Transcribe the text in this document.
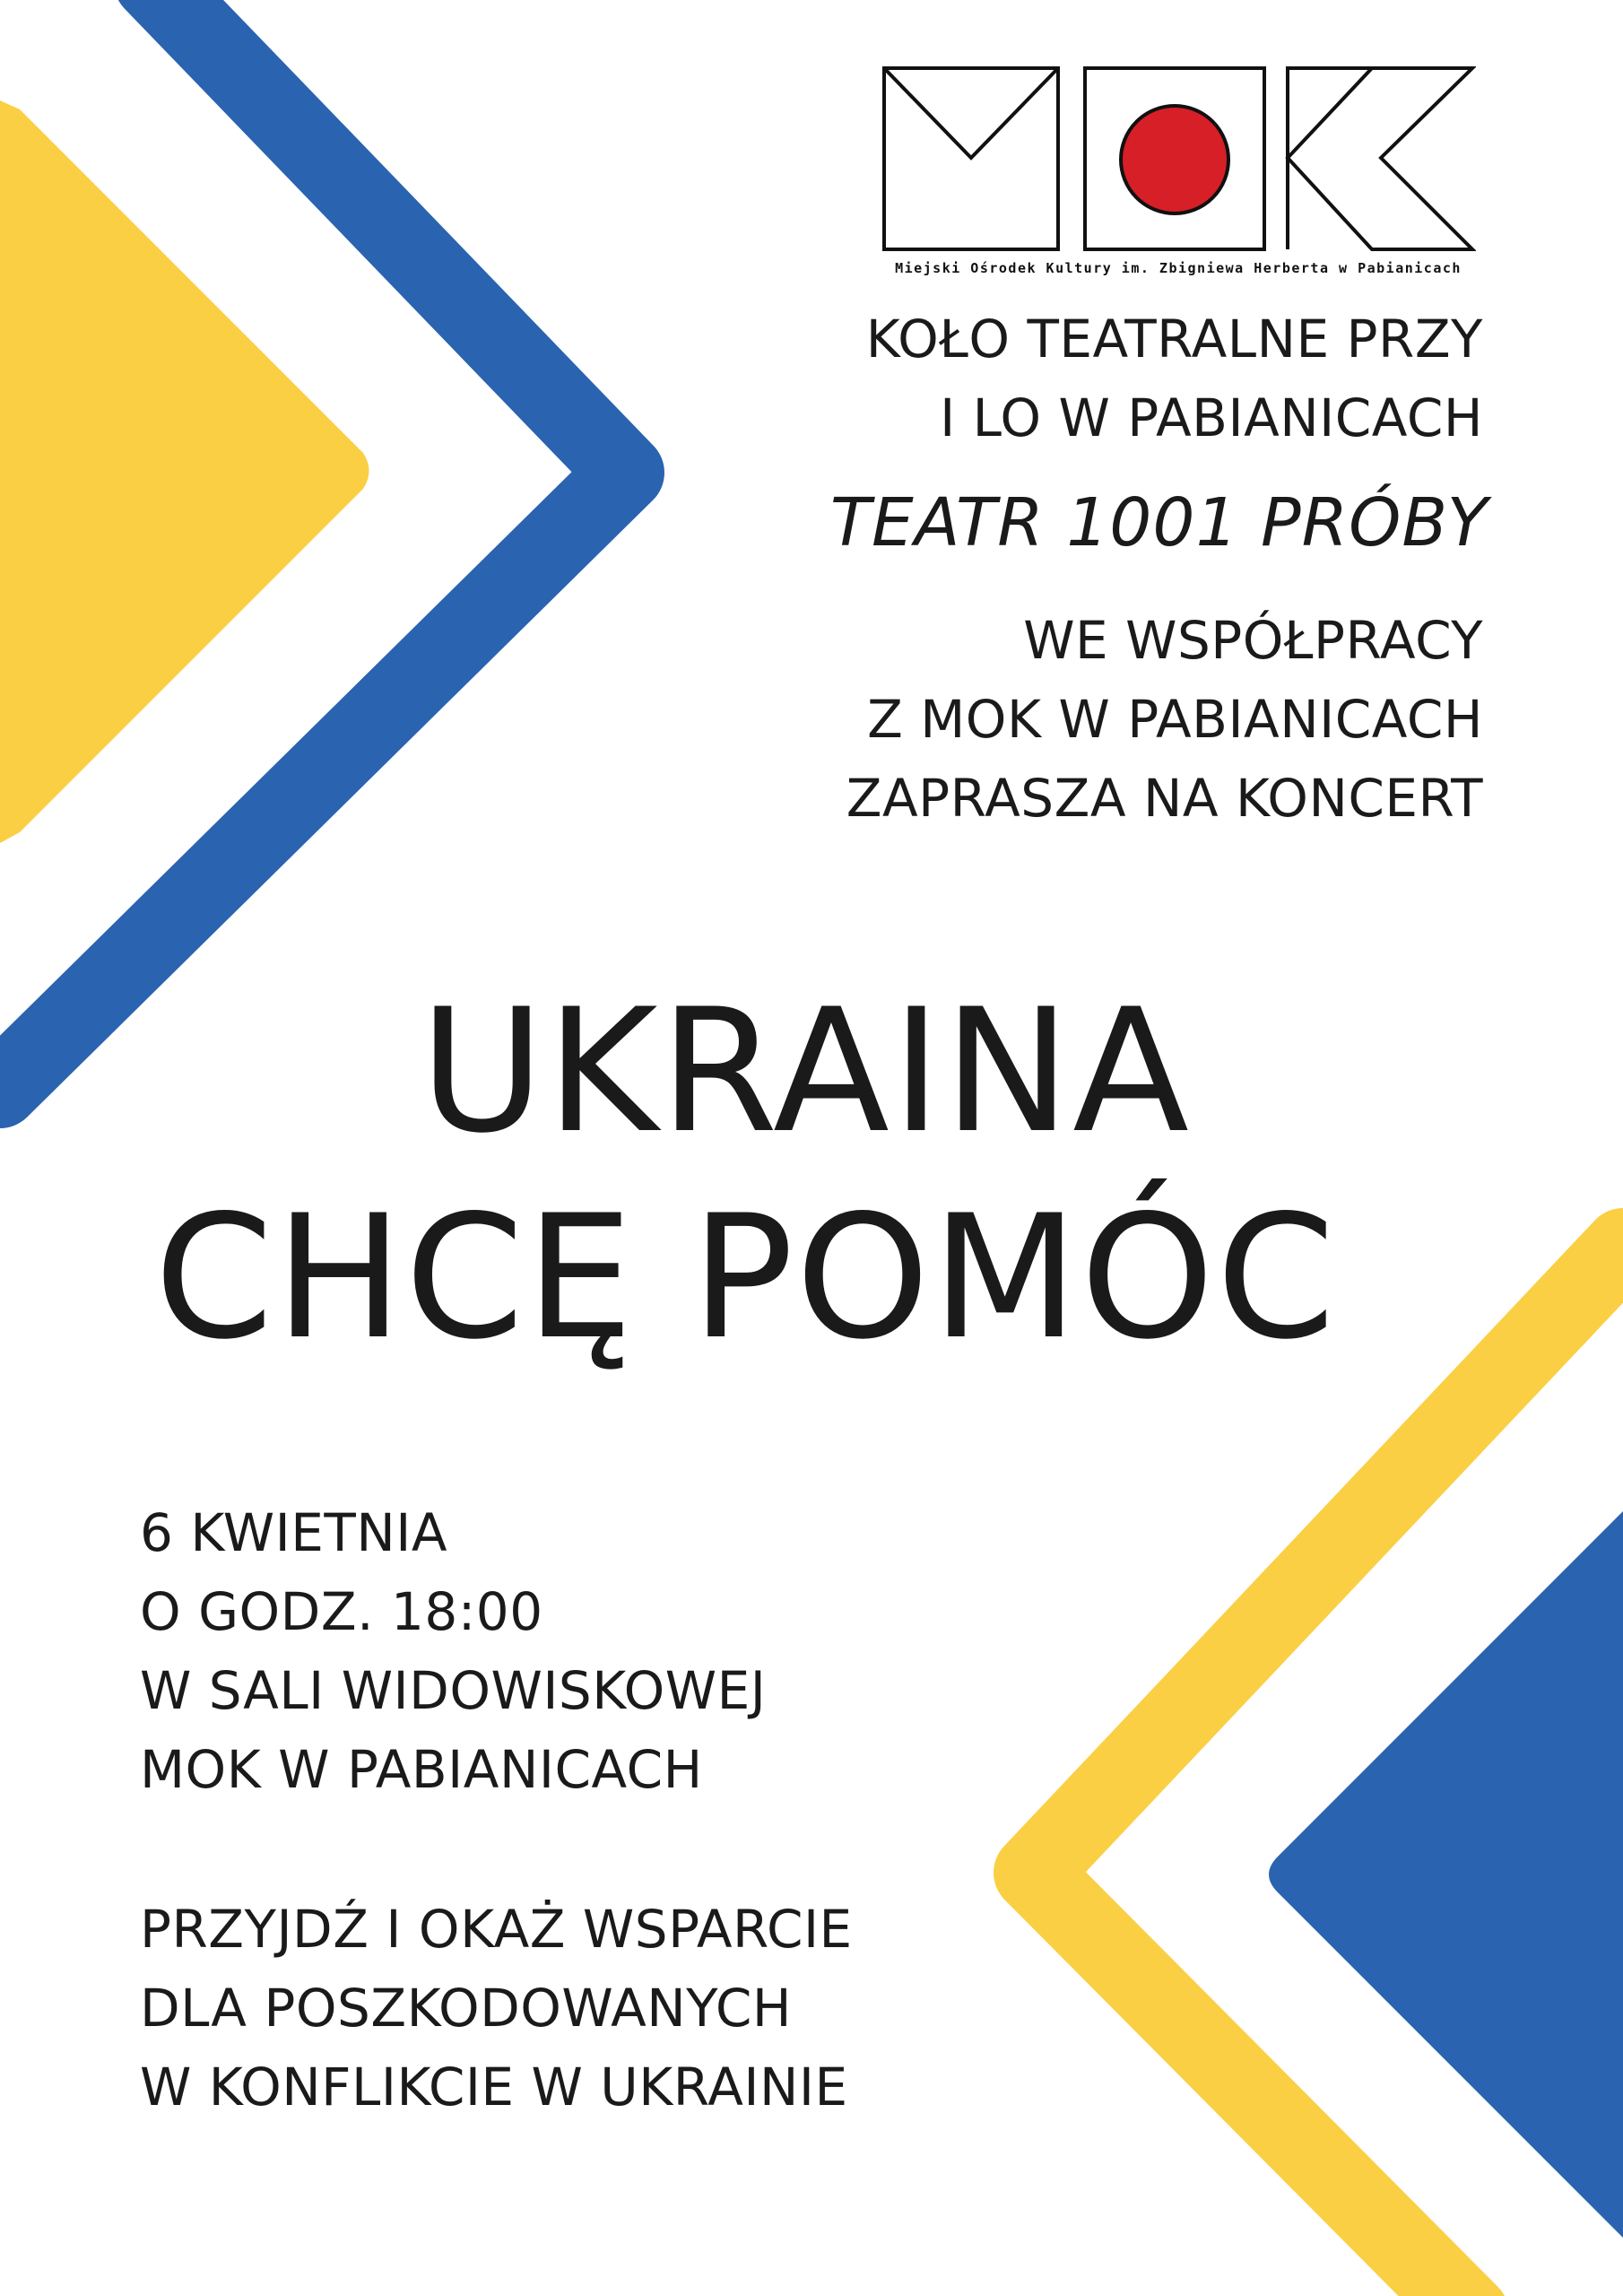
Miejski Ośrodek Kultury im. Zbigniewa Herberta w Pabianicach

KOŁO TEATRALNE PRZY

I LO W PABIANICACH

TEATR 1001 PRÓBY

WE WSPÓŁPRACY

Z MOK W PABIANICACH

ZAPRASZA NA KONCERT

UKRAINA
CHCĘ POMÓC

6 KWIETNIA

O GODZ. 18:00

W SALI WIDOWISKOWEJ

MOK W PABIANICACH

PRZYJDŹ I OKAŻ WSPARCIE

DLA POSZKODOWANYCH

W KONFLIKCIE W UKRAINIE
